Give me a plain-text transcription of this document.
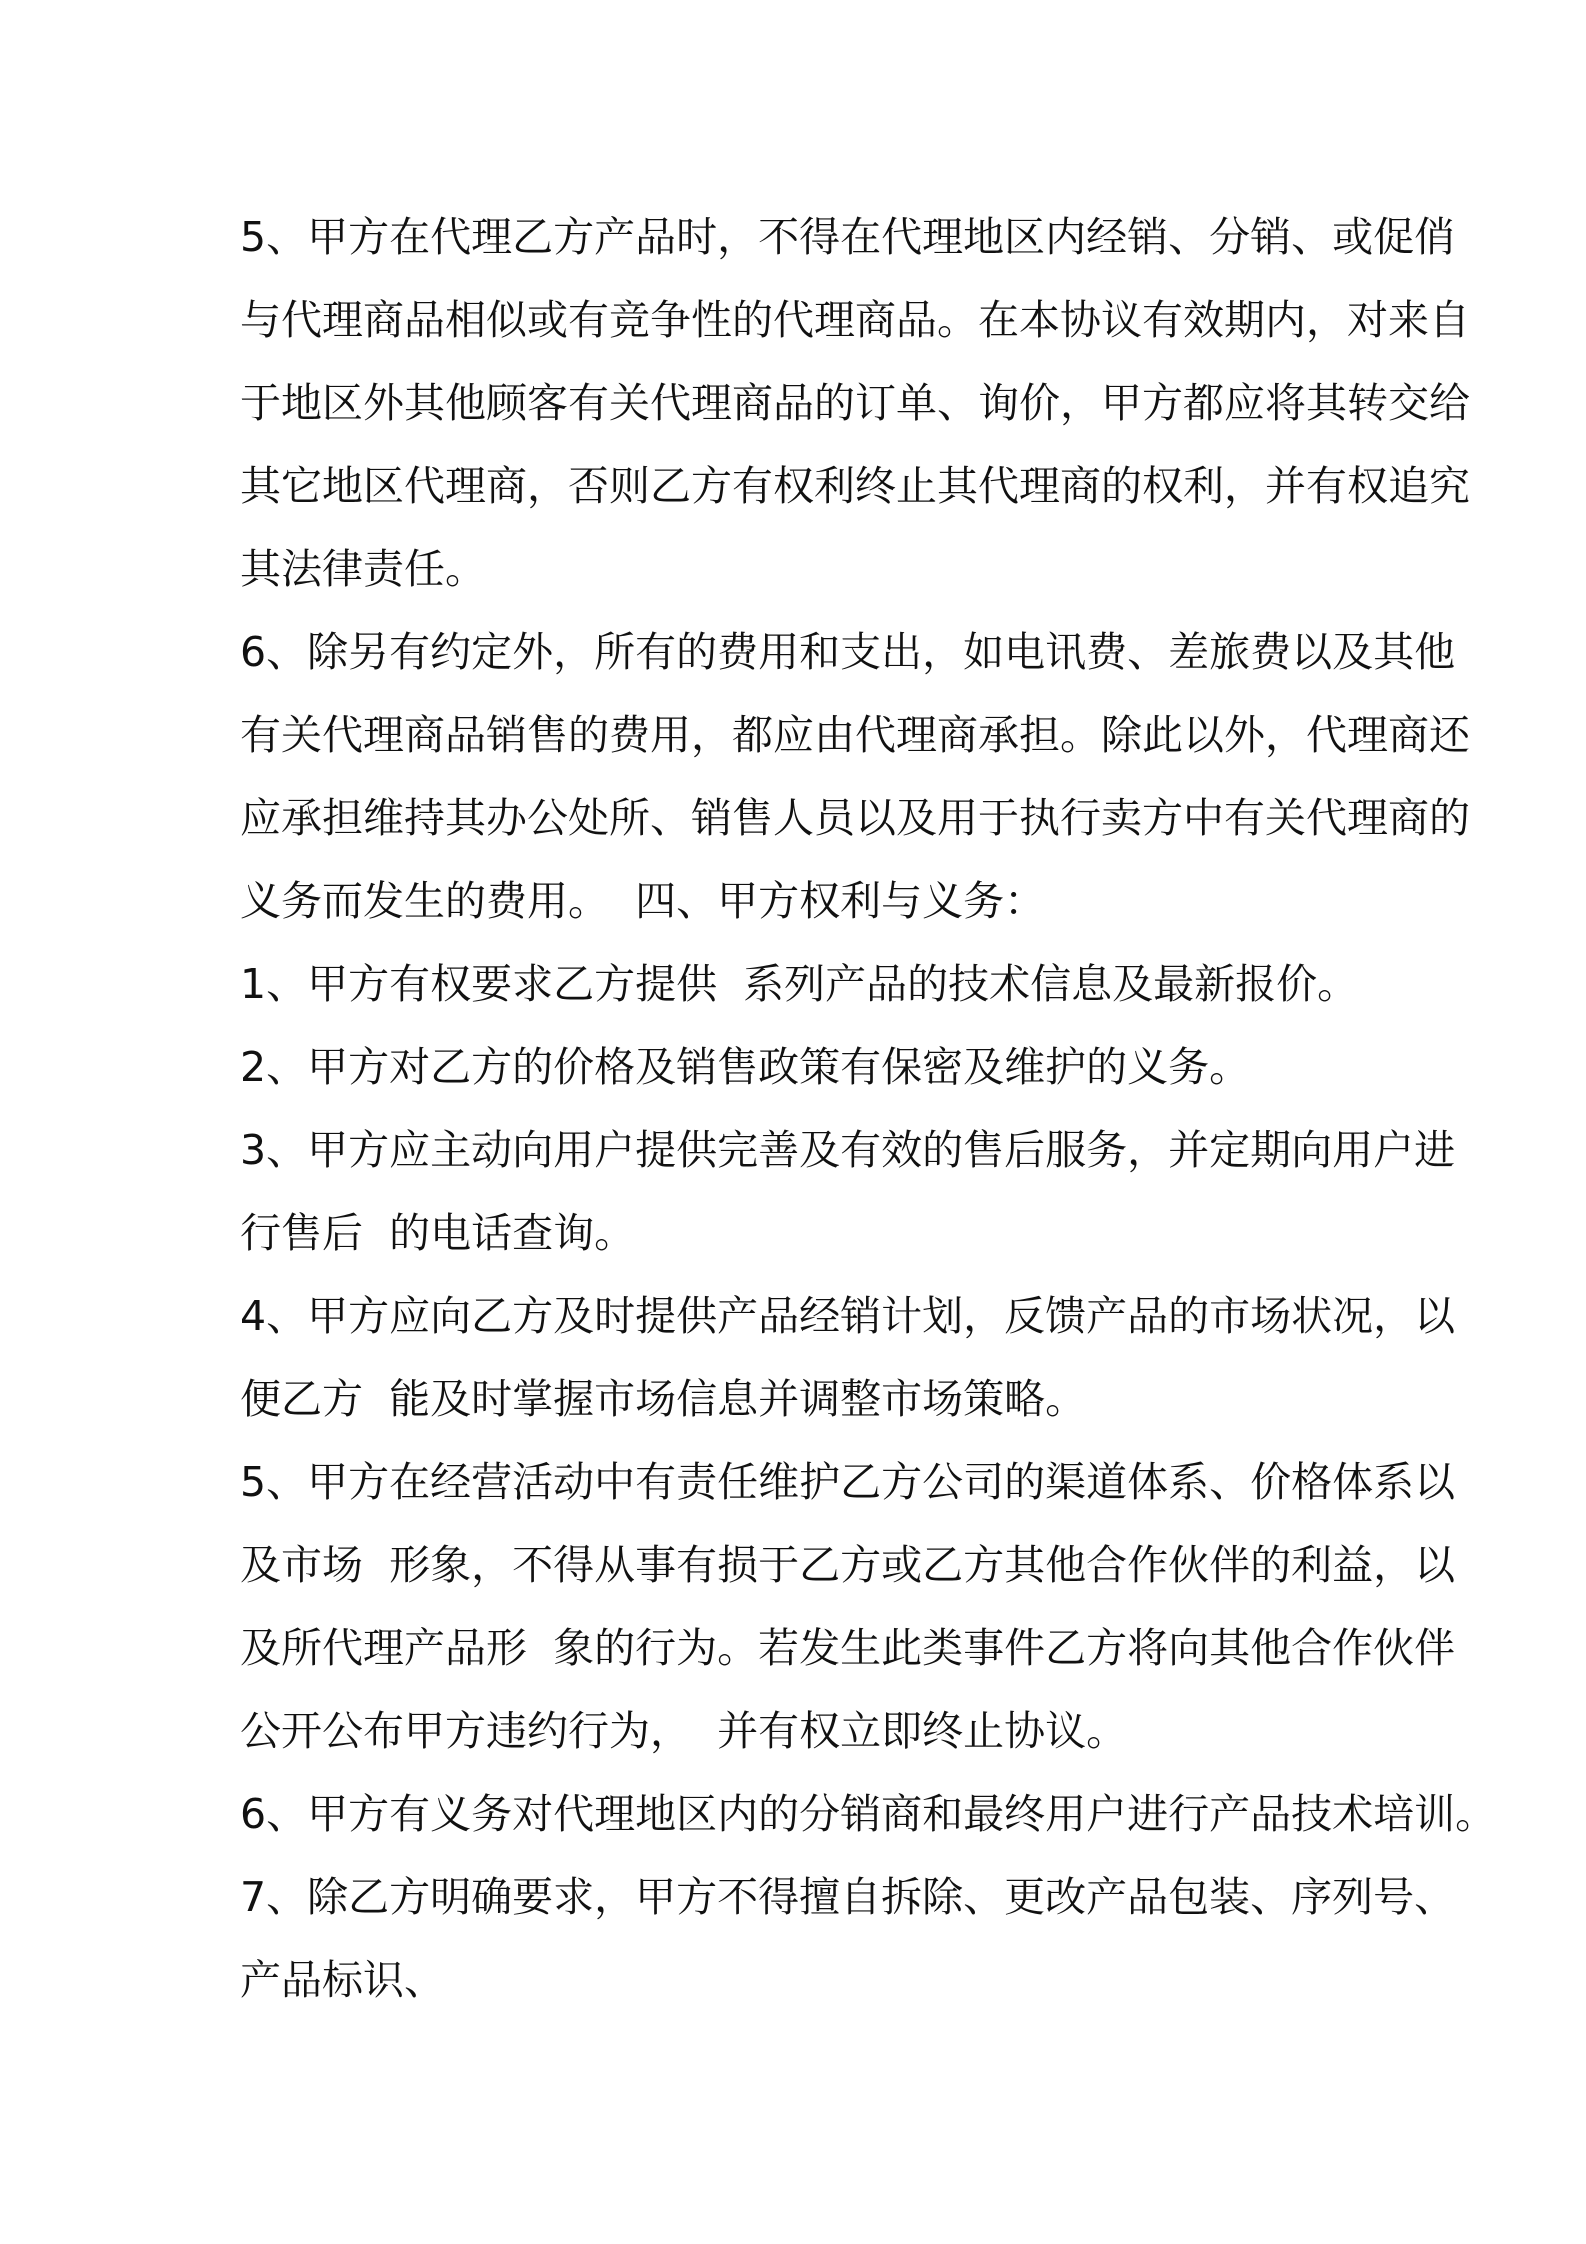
5、甲方在代理乙方产品时，不得在代理地区内经销、分销、或促俏
与代理商品相似或有竞争性的代理商品。在本协议有效期内，对来自
于地区外其他顾客有关代理商品的订单、询价，甲方都应将其转交给
其它地区代理商，否则乙方有权利终止其代理商的权利，并有权追究
其法律责任。
6、除另有约定外，所有的费用和支出，如电讯费、差旅费以及其他
有关代理商品销售的费用，都应由代理商承担。除此以外，代理商还
应承担维持其办公处所、销售人员以及用于执行卖方中有关代理商的
义务而发生的费用。  四、甲方权利与义务：
1、甲方有权要求乙方提供  系列产品的技术信息及最新报价。
2、甲方对乙方的价格及销售政策有保密及维护的义务。
3、甲方应主动向用户提供完善及有效的售后服务，并定期向用户进
行售后  的电话查询。
4、甲方应向乙方及时提供产品经销计划，反馈产品的市场状况，以
便乙方  能及时掌握市场信息并调整市场策略。
5、甲方在经营活动中有责任维护乙方公司的渠道体系、价格体系以
及市场  形象，不得从事有损于乙方或乙方其他合作伙伴的利益，以
及所代理产品形  象的行为。若发生此类事件乙方将向其他合作伙伴
公开公布甲方违约行为，  并有权立即终止协议。
6、甲方有义务对代理地区内的分销商和最终用户进行产品技术培训。
7、除乙方明确要求，甲方不得擅自拆除、更改产品包装、序列号、
产品标识、
